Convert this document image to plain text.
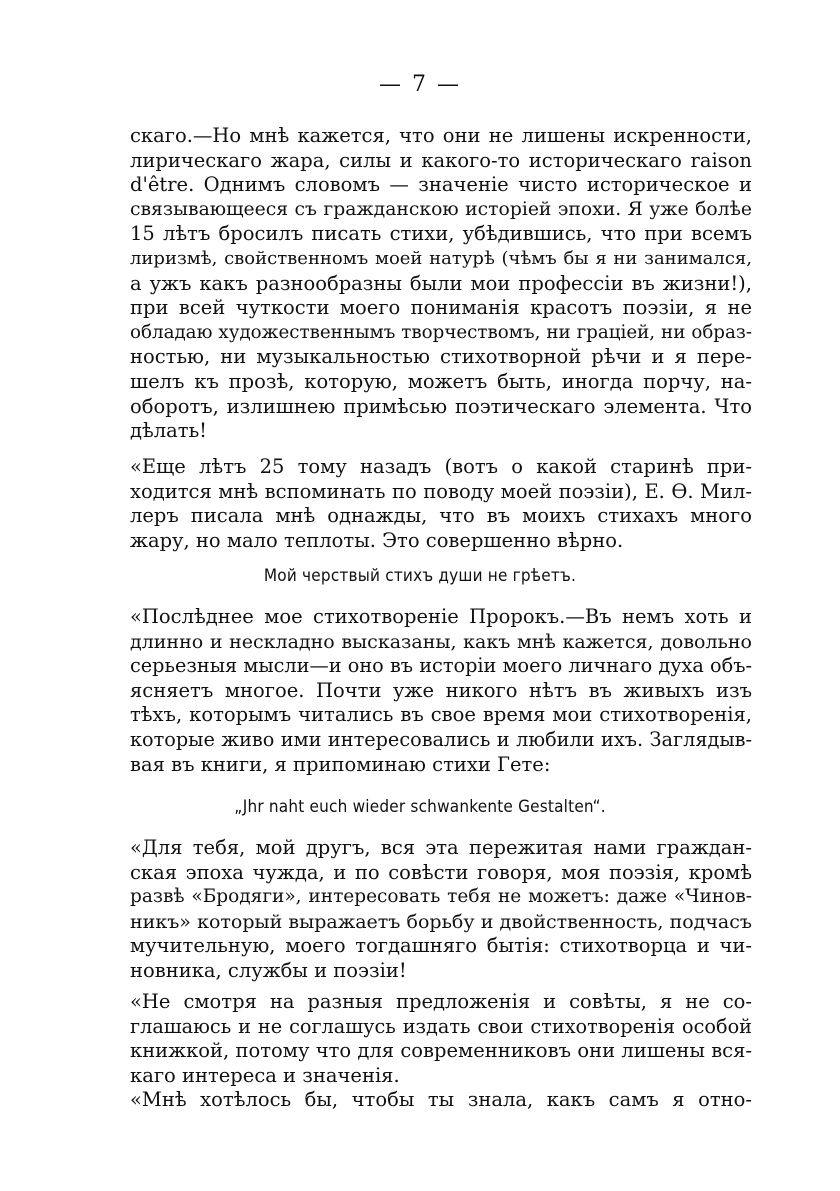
— 7 —
скаго.—Но мнѣ кажется, что они не лишены искренности,
лирическаго жара, силы и какого-то историческаго raison
d'être. Однимъ словомъ — значеніе чисто историческое и
связывающееся съ гражданскою исторіей эпохи. Я уже болѣе
15 лѣтъ бросилъ писать стихи, убѣдившись, что при всемъ
лиризмѣ, свойственномъ моей натурѣ (чѣмъ бы я ни занимался,
а ужъ какъ разнообразны были мои профессіи въ жизни!),
при всей чуткости моего пониманія красотъ поэзіи, я не
обладаю художественнымъ творчествомъ, ни граціей, ни образ-
ностью, ни музыкальностью стихотворной рѣчи и я пере-
шелъ къ прозѣ, которую, можетъ быть, иногда порчу, на-
оборотъ, излишнею примѣсью поэтическаго элемента. Что
дѣлать!
«Еще лѣтъ 25 тому назадъ (вотъ о какой старинѣ при-
ходится мнѣ вспоминать по поводу моей поэзіи), Е. Ѳ. Мил-
леръ писала мнѣ однажды, что въ моихъ стихахъ много
жару, но мало теплоты. Это совершенно вѣрно.
Мой черствый стихъ души не грѣетъ.
«Послѣднее мое стихотвореніе Пророкъ.—Въ немъ хоть и
длинно и нескладно высказаны, какъ мнѣ кажется, довольно
серьезныя мысли—и оно въ исторіи моего личнаго духа объ-
ясняетъ многое. Почти уже никого нѣтъ въ живыхъ изъ
тѣхъ, которымъ читались въ свое время мои стихотворенія,
которые живо ими интересовались и любили ихъ. Заглядыв-
вая въ книги, я припоминаю стихи Гете:
„Jhr naht euch wieder schwankente Gestalten“.
«Для тебя, мой другъ, вся эта пережитая нами граждан-
ская эпоха чужда, и по совѣсти говоря, моя поэзія, кромѣ
развѣ «Бродяги», интересовать тебя не можетъ: даже «Чинов-
никъ» который выражаетъ борьбу и двойственность, подчасъ
мучительную, моего тогдашняго бытія: стихотворца и чи-
новника, службы и поэзіи!
«Не смотря на разныя предложенія и совѣты, я не со-
глашаюсь и не соглашусь издать свои стихотворенія особой
книжкой, потому что для современниковъ они лишены вся-
каго интереса и значенія.
«Мнѣ хотѣлось бы, чтобы ты знала, какъ самъ я отно-
